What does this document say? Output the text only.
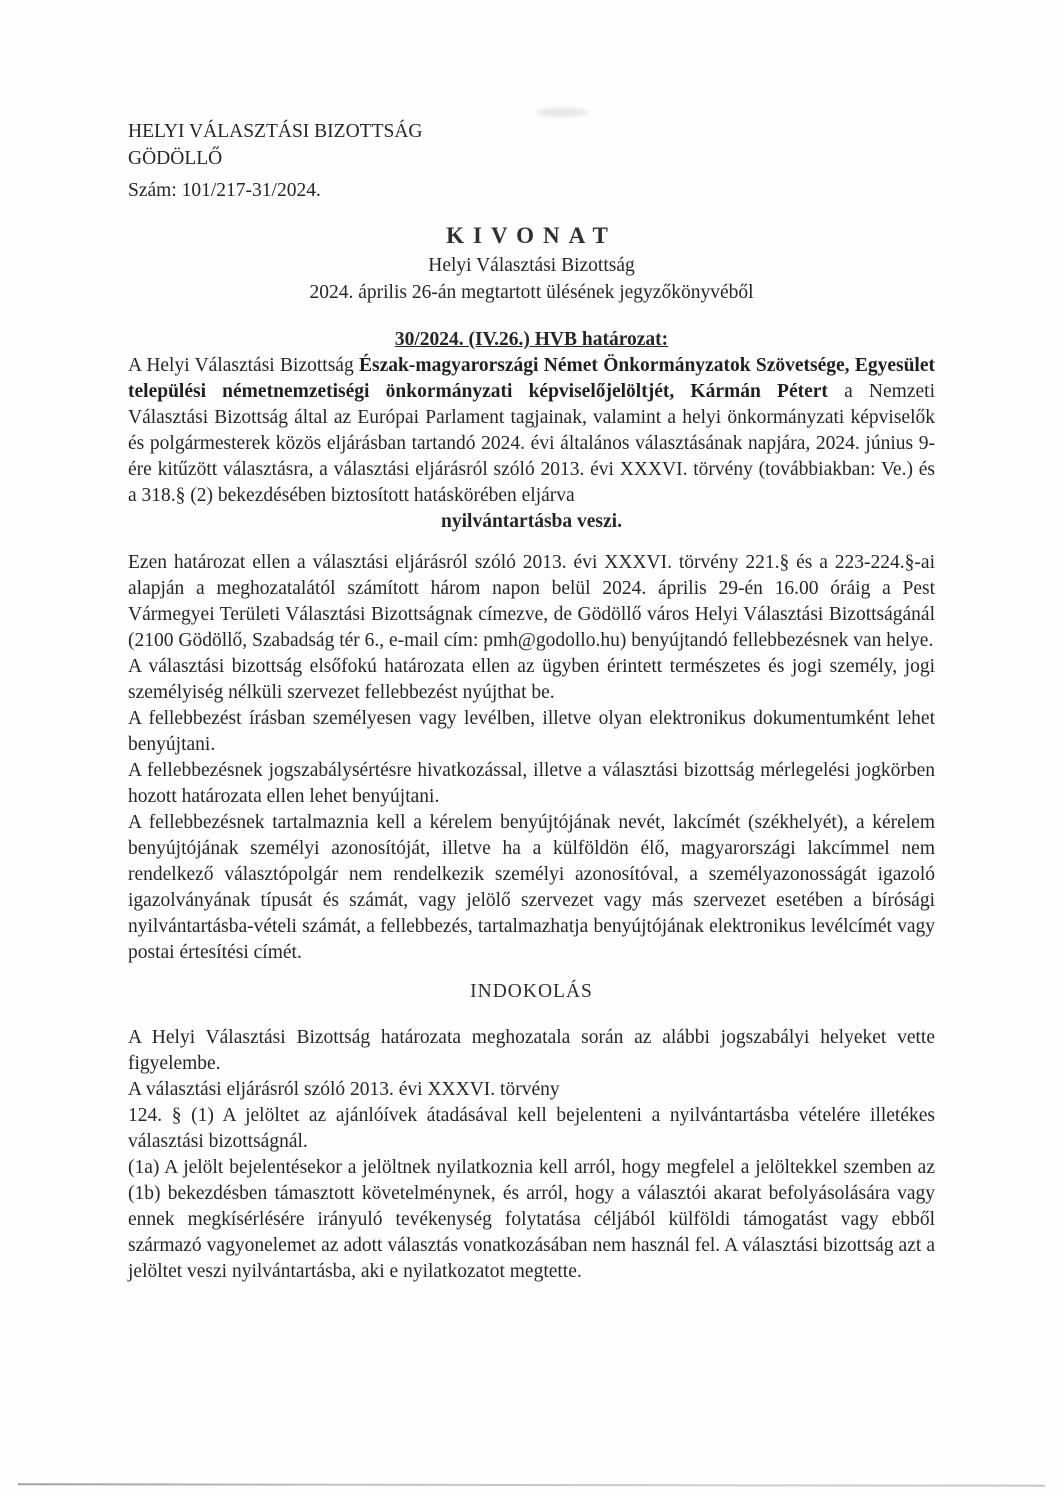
HELYI VÁLASZTÁSI BIZOTTSÁG
GÖDÖLLŐ
Szám: 101/217-31/2024.
KIVONAT
Helyi Választási Bizottság
2024. április 26-án megtartott ülésének jegyzőkönyvéből
30/2024. (IV.26.) HVB határozat:

A Helyi Választási Bizottság Észak-magyarországi Német Önkormányzatok Szövetsége, Egyesület települési németnemzetiségi önkormányzati képviselőjelöltjét, Kármán Pétert a Nemzeti Választási Bizottság által az Európai Parlament tagjainak, valamint a helyi önkormányzati képviselők és polgármesterek közös eljárásban tartandó 2024. évi általános választásának napjára, 2024. június 9-ére kitűzött választásra, a választási eljárásról szóló 2013. évi XXXVI. törvény (továbbiakban: Ve.) és a 318.§ (2) bekezdésében biztosított hatáskörében eljárva

nyilvántartásba veszi.

Ezen határozat ellen a választási eljárásról szóló 2013. évi XXXVI. törvény 221.§ és a 223-224.§-ai alapján a meghozatalától számított három napon belül 2024. április 29-én 16.00 óráig a Pest Vármegyei Területi Választási Bizottságnak címezve, de Gödöllő város Helyi Választási Bizottságánál (2100 Gödöllő, Szabadság tér 6., e-mail cím: pmh@godollo.hu) benyújtandó fellebbezésnek van helye.

A választási bizottság elsőfokú határozata ellen az ügyben érintett természetes és jogi személy, jogi személyiség nélküli szervezet fellebbezést nyújthat be.

A fellebbezést írásban személyesen vagy levélben, illetve olyan elektronikus dokumentumként lehet benyújtani.

A fellebbezésnek jogszabálysértésre hivatkozással, illetve a választási bizottság mérlegelési jogkörben hozott határozata ellen lehet benyújtani.

A fellebbezésnek tartalmaznia kell a kérelem benyújtójának nevét, lakcímét (székhelyét), a kérelem benyújtójának személyi azonosítóját, illetve ha a külföldön élő, magyarországi lakcímmel nem rendelkező választópolgár nem rendelkezik személyi azonosítóval, a személyazonosságát igazoló igazolványának típusát és számát, vagy jelölő szervezet vagy más szervezet esetében a bírósági nyilvántartásba-vételi számát, a fellebbezés, tartalmazhatja benyújtójának elektronikus levélcímét vagy postai értesítési címét.

INDOKOLÁS

A Helyi Választási Bizottság határozata meghozatala során az alábbi jogszabályi helyeket vette figyelembe.

A választási eljárásról szóló 2013. évi XXXVI. törvény

124. § (1) A jelöltet az ajánlóívek átadásával kell bejelenteni a nyilvántartásba vételére illetékes választási bizottságnál.

(1a) A jelölt bejelentésekor a jelöltnek nyilatkoznia kell arról, hogy megfelel a jelöltekkel szemben az (1b) bekezdésben támasztott követelménynek, és arról, hogy a választói akarat befolyásolására vagy ennek megkísérlésére irányuló tevékenység folytatása céljából külföldi támogatást vagy ebből származó vagyonelemet az adott választás vonatkozásában nem használ fel. A választási bizottság azt a jelöltet veszi nyilvántartásba, aki e nyilatkozatot megtette.
